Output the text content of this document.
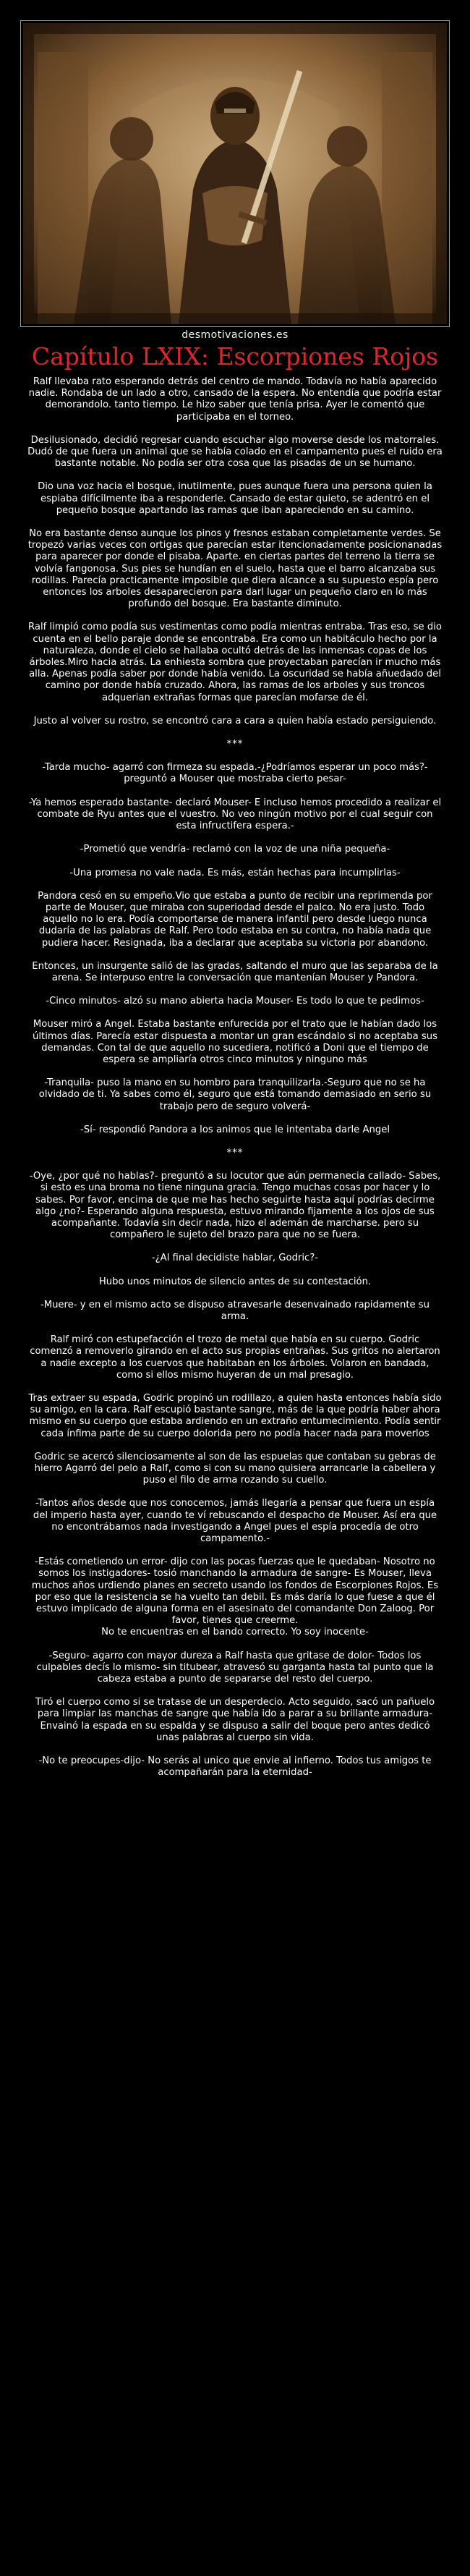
desmotivaciones.es
Capítulo LXIX: Escorpiones Rojos

Ralf llevaba rato esperando detrás del centro de mando. Todavía no había aparecido nadie. Rondaba de un lado a otro, cansado de la espera. No entendía que podría estar demorandolo. tanto tiempo. Le hizo saber que tenía prisa. Ayer le comentó que participaba en el torneo.

Desilusionado, decidió regresar cuando escuchar algo moverse desde los matorrales. Dudó de que fuera un animal que se había colado en el campamento pues el ruido era bastante notable. No podía ser otra cosa que las pisadas de un se humano.

Dio una voz hacia el bosque, inutilmente, pues aunque fuera una persona quien la espiaba difícilmente iba a responderle. Cansado de estar quieto, se adentró en el pequeño bosque apartando las ramas que iban apareciendo en su camino.

No era bastante denso aunque los pinos y fresnos estaban completamente verdes. Se tropezó varias veces con ortigas que parecían estar itencionadamente posicionanadas para aparecer por donde el pisaba. Aparte. en ciertas partes del terreno la tierra se volvía fangonosa. Sus pies se hundían en el suelo, hasta que el barro alcanzaba sus rodillas. Parecía practicamente imposible que diera alcance a su supuesto espía pero entonces los arboles desaparecieron para darl lugar un pequeño claro en lo más profundo del bosque. Era bastante diminuto.

Ralf limpió como podía sus vestimentas como podía mientras entraba. Tras eso, se dio cuenta en el bello paraje donde se encontraba. Era como un habitáculo hecho por la naturaleza, donde el cielo se hallaba ocultó detrás de las inmensas copas de los árboles.Miro hacia atrás. La enhiesta sombra que proyectaban parecían ir mucho más alla. Apenas podía saber por donde había venido. La oscuridad se había añuedado del camino por donde había cruzado. Ahora, las ramas de los arboles y sus troncos adquerian extrañas formas que parecían mofarse de él.

Justo al volver su rostro, se encontró cara a cara a quien había estado persiguiendo.

***

-Tarda mucho- agarró con firmeza su espada.-¿Podríamos esperar un poco más?-preguntó a Mouser que mostraba cierto pesar-

-Ya hemos esperado bastante- declaró Mouser- E incluso hemos procedido a realizar el combate de Ryu antes que el vuestro. No veo ningún motivo por el cual seguir con esta infructifera espera.-

-Prometió que vendría- reclamó con la voz de una niña pequeña-

-Una promesa no vale nada. Es más, están hechas para incumplirlas-

Pandora cesó en su empeño.Vio que estaba a punto de recibir una reprimenda por parte de Mouser, que miraba con superiodad desde el palco. No era justo. Todo aquello no lo era. Podía comportarse de manera infantil pero desde luego nunca dudaría de las palabras de Ralf. Pero todo estaba en su contra, no había nada que pudiera hacer. Resignada, iba a declarar que aceptaba su victoria por abandono.

Entonces, un insurgente salió de las gradas, saltando el muro que las separaba de la arena. Se interpuso entre la conversación que mantenían Mouser y Pandora.

-Cinco minutos- alzó su mano abierta hacia Mouser- Es todo lo que te pedimos-

Mouser miró a Angel. Estaba bastante enfurecida por el trato que le habían dado los últimos días. Parecía estar dispuesta a montar un gran escándalo si no aceptaba sus demandas. Con tal de que aquello no sucediera, notificó a Doni que el tiempo de espera se ampliaría otros cinco minutos y ninguno más

-Tranquila- puso la mano en su hombro para tranquilizarla.-Seguro que no se ha olvidado de ti. Ya sabes como él, seguro que está tomando demasiado en serio su trabajo pero de seguro volverá-

-Sí- respondió Pandora a los animos que le intentaba darle Angel

***

-Oye, ¿por qué no hablas?- preguntó a su locutor que aún permanecia callado- Sabes, si esto es una broma no tiene ninguna gracia. Tengo muchas cosas por hacer y lo sabes. Por favor, encima de que me has hecho seguirte hasta aquí podrías decirme algo ¿no?- Esperando alguna respuesta, estuvo mirando fijamente a los ojos de sus acompañante. Todavía sin decir nada, hizo el ademán de marcharse. pero su compañero le sujeto del brazo para que no se fuera.

-¿Al final decidiste hablar, Godric?-

Hubo unos minutos de silencio antes de su contestación.

-Muere- y en el mismo acto se dispuso atravesarle desenvainado rapidamente su arma.

Ralf miró con estupefacción el trozo de metal que había en su cuerpo. Godric comenzó a removerlo girando en el acto sus propias entrañas. Sus gritos no alertaron a nadie excepto a los cuervos que habitaban en los árboles. Volaron en bandada, como si ellos mismo huyeran de un mal presagio.

Tras extraer su espada, Godric propinó un rodillazo, a quien hasta entonces había sido su amigo, en la cara. Ralf escupió bastante sangre, más de la que podría haber ahora mismo en su cuerpo que estaba ardiendo en un extraño entumecimiento. Podía sentir cada ínfima parte de su cuerpo dolorida pero no podía hacer nada para moverlos

Godric se acercó silenciosamente al son de las espuelas que contaban su gebras de hierro Agarró del pelo a Ralf, como si con su mano quisiera arrancarle la cabellera y puso el filo de arma rozando su cuello.

-Tantos años desde que nos conocemos, jamás llegaría a pensar que fuera un espía del imperio hasta ayer, cuando te ví rebuscando el despacho de Mouser. Así era que no encontrábamos nada investigando a Angel pues el espía procedía de otro campamento.-

-Estás cometiendo un error- dijo con las pocas fuerzas que le quedaban- Nosotro no somos los instigadores- tosió manchando la armadura de sangre- Es Mouser, lleva muchos años urdiendo planes en secreto usando los fondos de Escorpiones Rojos. Es por eso que la resistencia se ha vuelto tan debil. Es más daría lo que fuese a que él estuvo implicado de alguna forma en el asesinato del comandante Don Zaloog. Por favor, tienes que creerme.
No te encuentras en el bando correcto. Yo soy inocente-

-Seguro- agarro con mayor dureza a Ralf hasta que gritase de dolor- Todos los culpables decís lo mismo- sin titubear, atravesó su garganta hasta tal punto que la cabeza estaba a punto de separarse del resto del cuerpo.

Tiró el cuerpo como si se tratase de un desperdecio. Acto seguido, sacó un pañuelo para limpiar las manchas de sangre que había ido a parar a su brillante armadura- Envainó la espada en su espalda y se dispuso a salir del boque pero antes dedicó unas palabras al cuerpo sin vida.

-No te preocupes-dijo- No serás al unico que envie al infierno. Todos tus amigos te acompañarán para la eternidad-
